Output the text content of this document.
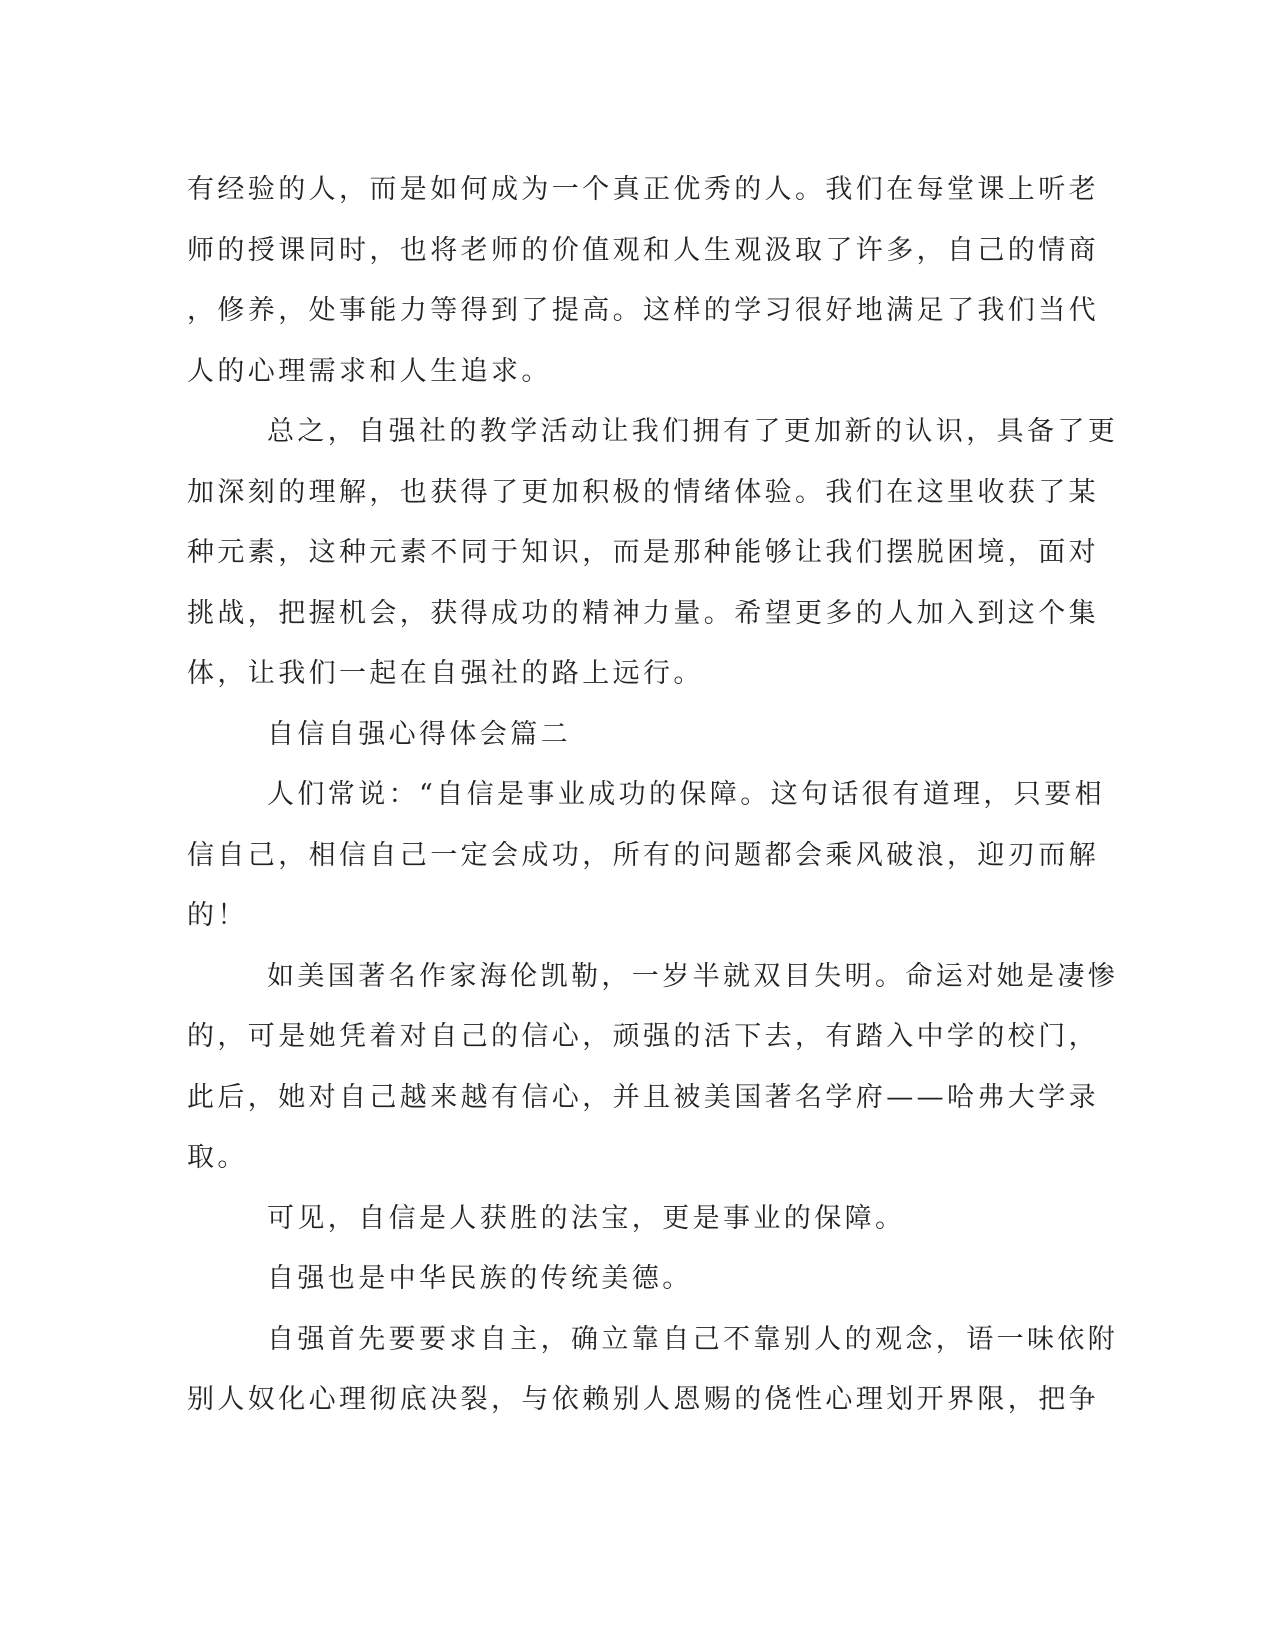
有经验的人，而是如何成为一个真正优秀的人。我们在每堂课上听老
师的授课同时，也将老师的价值观和人生观汲取了许多，自己的情商
，修养，处事能力等得到了提高。这样的学习很好地满足了我们当代
人的心理需求和人生追求。
总之，自强社的教学活动让我们拥有了更加新的认识，具备了更
加深刻的理解，也获得了更加积极的情绪体验。我们在这里收获了某
种元素，这种元素不同于知识，而是那种能够让我们摆脱困境，面对
挑战，把握机会，获得成功的精神力量。希望更多的人加入到这个集
体，让我们一起在自强社的路上远行。
自信自强心得体会篇二
人们常说：“自信是事业成功的保障。这句话很有道理，只要相
信自己，相信自己一定会成功，所有的问题都会乘风破浪，迎刃而解
的！
如美国著名作家海伦凯勒，一岁半就双目失明。命运对她是凄惨
的，可是她凭着对自己的信心，顽强的活下去，有踏入中学的校门，
此后，她对自己越来越有信心，并且被美国著名学府——哈弗大学录
取。
可见，自信是人获胜的法宝，更是事业的保障。
自强也是中华民族的传统美德。
自强首先要要求自主，确立靠自己不靠别人的观念，语一味依附
别人奴化心理彻底决裂，与依赖别人恩赐的侥性心理划开界限，把争
